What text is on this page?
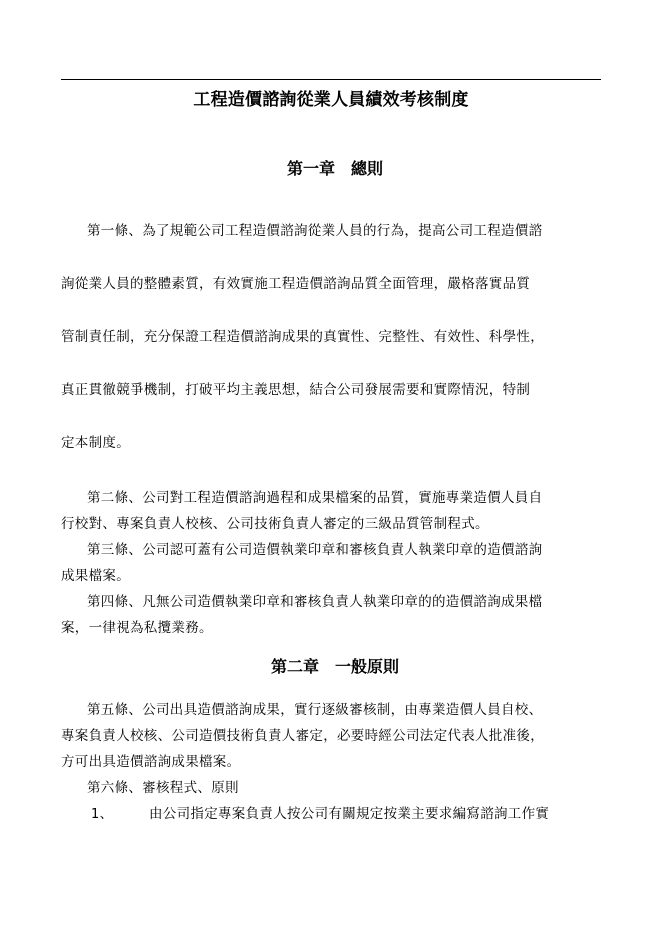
工程造價諮詢從業人員績效考核制度
第一章 總則
第一條、為了規範公司工程造價諮詢從業人員的行為，提高公司工程造價諮
詢從業人員的整體素質，有效實施工程造價諮詢品質全面管理，嚴格落實品質
管制責任制，充分保證工程造價諮詢成果的真實性、完整性、有效性、科學性，
真正貫徹競爭機制，打破平均主義思想，結合公司發展需要和實際情況，特制
定本制度。
第二條、公司對工程造價諮詢過程和成果檔案的品質，實施專業造價人員自
行校對、專案負責人校核、公司技術負責人審定的三級品質管制程式。
第三條、公司認可蓋有公司造價執業印章和審核負責人執業印章的造價諮詢
成果檔案。
第四條、凡無公司造價執業印章和審核負責人執業印章的的造價諮詢成果檔
案，一律視為私攬業務。
第二章 一般原則
第五條、公司出具造價諮詢成果，實行逐級審核制，由專業造價人員自校、
專案負責人校核、公司造價技術負責人審定，必要時經公司法定代表人批准後，
方可出具造價諮詢成果檔案。
第六條、審核程式、原則
1、	由公司指定專案負責人按公司有關規定按業主要求編寫諮詢工作實
